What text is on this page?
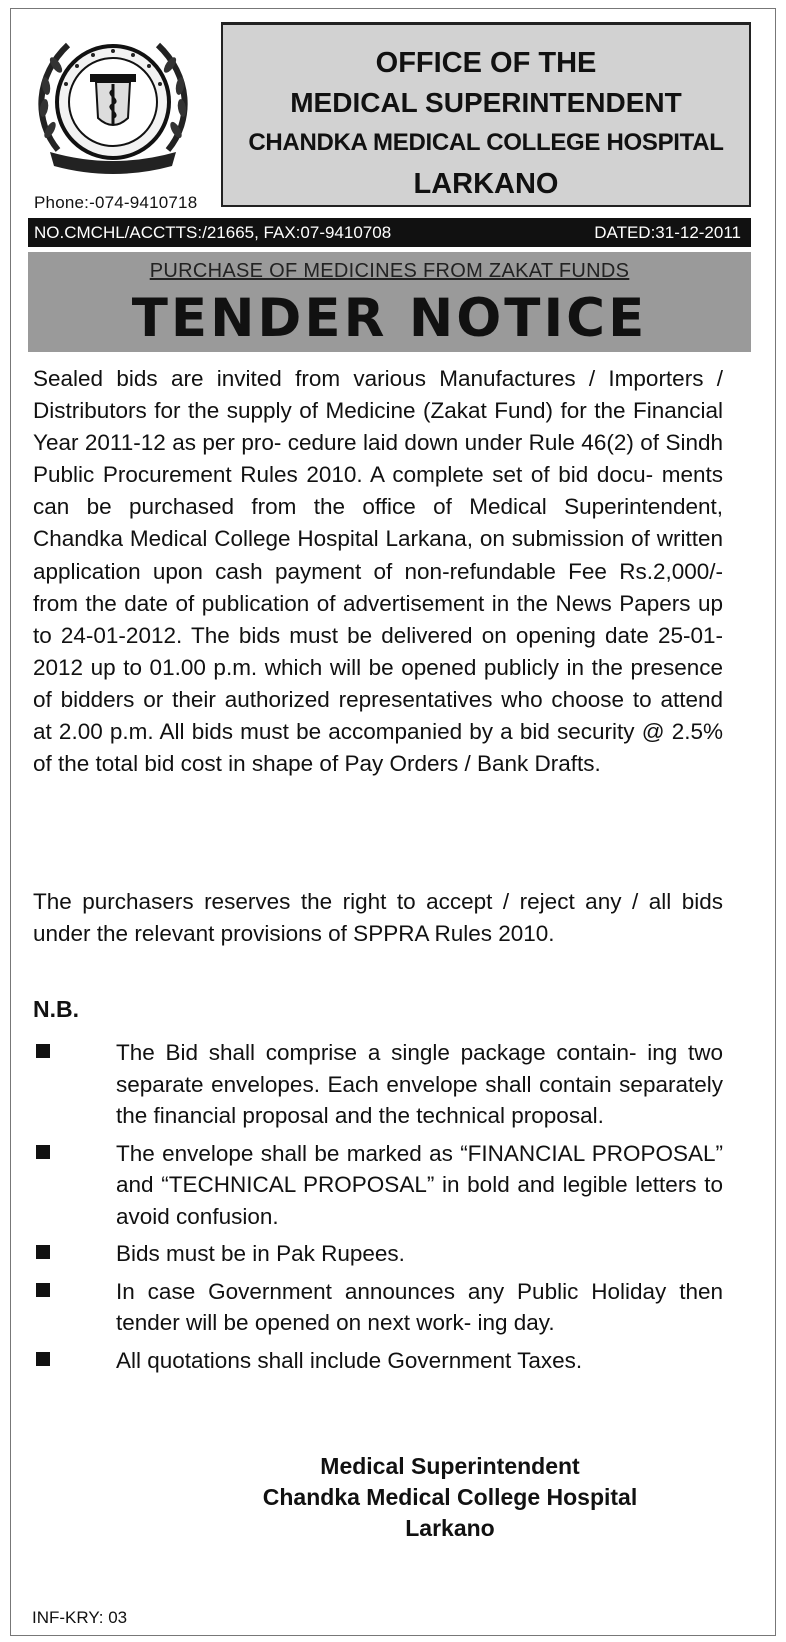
Phone:-074-9410718
OFFICE OF THE
MEDICAL SUPERINTENDENT
CHANDKA MEDICAL COLLEGE HOSPITAL
LARKANO
NO.CMCHL/ACCTTS:/21665, FAX:07-9410708	DATED:31-12-2011
PURCHASE OF MEDICINES FROM ZAKAT FUNDS
TENDER NOTICE
Sealed bids are invited from various Manufactures / Importers / Distributors for the supply of Medicine (Zakat Fund) for the Financial Year 2011-12 as per pro- cedure laid down under Rule 46(2) of Sindh Public Procurement Rules 2010. A complete set of bid docu- ments can be purchased from the office of Medical Superintendent, Chandka Medical College Hospital Larkana, on submission of written application upon cash payment of non-refundable Fee Rs.2,000/- from the date of publication of advertisement in the News Papers up to 24-01-2012. The bids must be delivered on opening date 25-01-2012 up to 01.00 p.m. which will be opened publicly in the presence of bidders or their authorized representatives who choose to attend at 2.00 p.m. All bids must be accompanied by a bid security @ 2.5% of the total bid cost in shape of Pay Orders / Bank Drafts.
The purchasers reserves the right to accept / reject any / all bids under the relevant provisions of SPPRA Rules 2010.
N.B.
The Bid shall comprise a single package contain- ing two separate envelopes. Each envelope shall contain separately the financial proposal and the technical proposal.
The envelope shall be marked as “FINANCIAL PROPOSAL” and “TECHNICAL PROPOSAL” in bold and legible letters to avoid confusion.
Bids must be in Pak Rupees.
In case Government announces any Public Holiday then tender will be opened on next work- ing day.
All quotations shall include Government Taxes.
Medical Superintendent
Chandka Medical College Hospital
Larkano
INF-KRY: 03
